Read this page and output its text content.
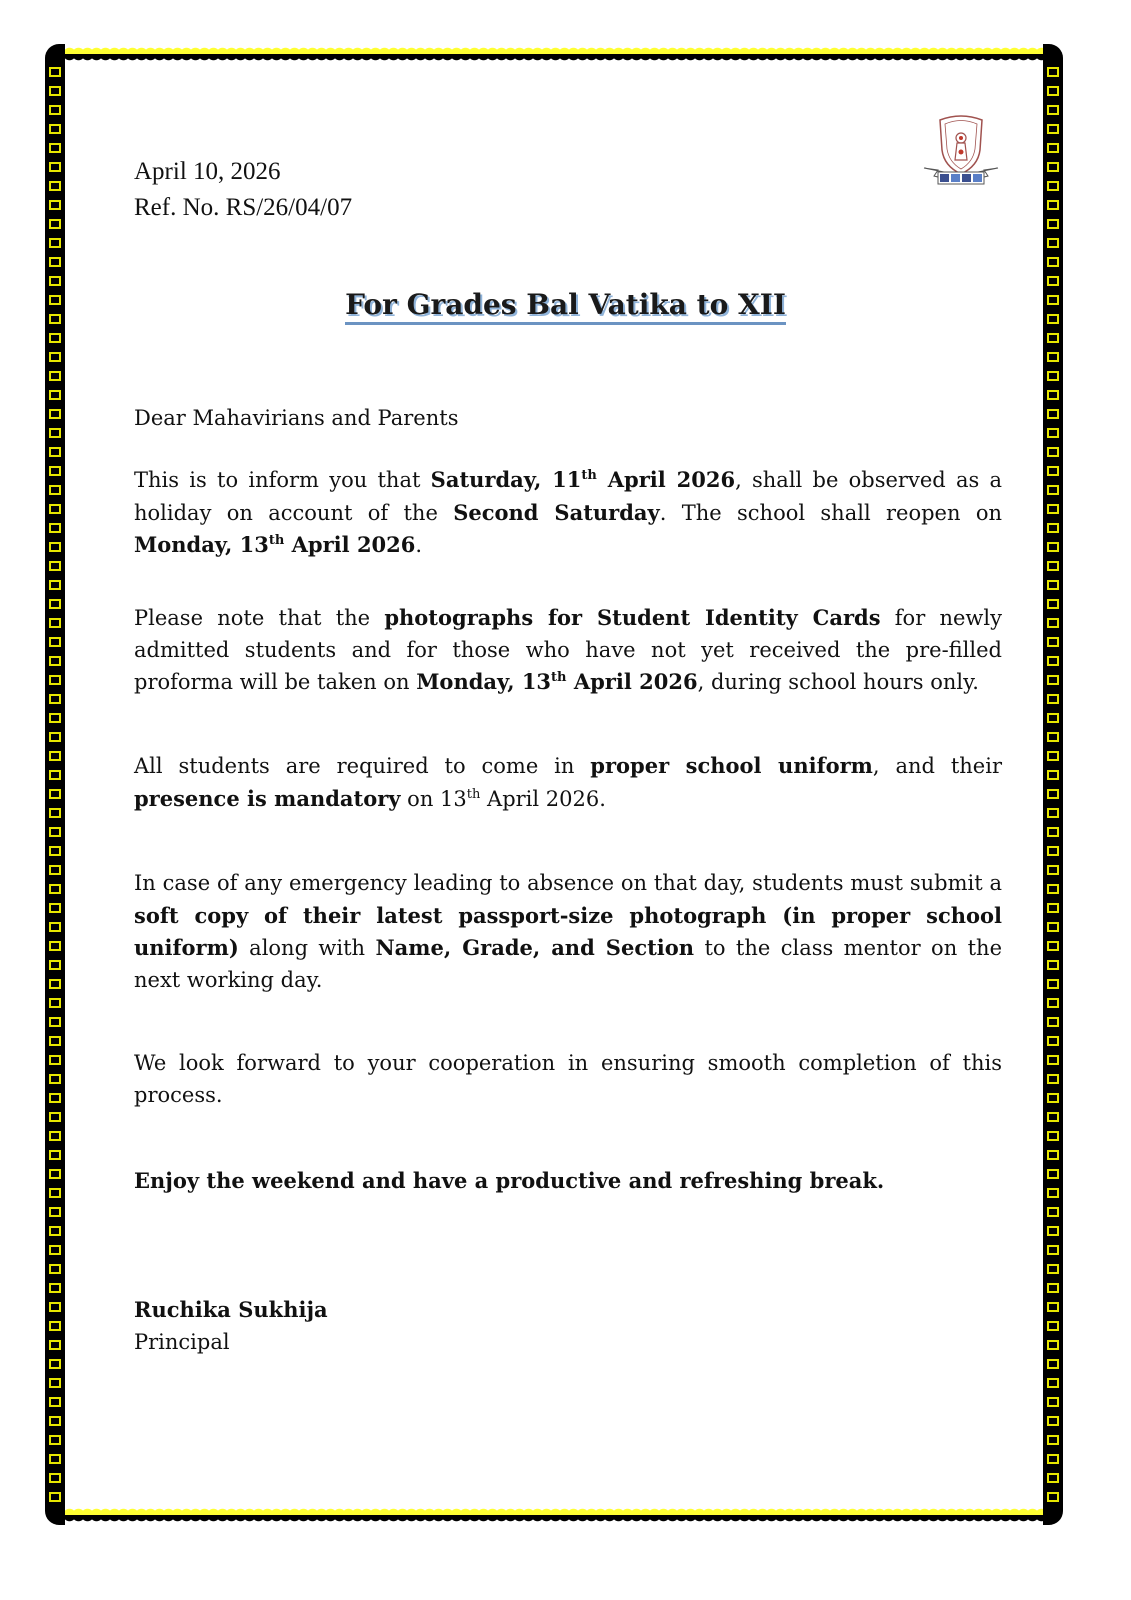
April 10, 2026
Ref. No. RS/26/04/07
For Grades Bal Vatika to XII
Dear Mahavirians and Parents
This is to inform you that Saturday, 11th April 2026, shall be observed as a holiday on account of the Second Saturday. The school shall reopen on Monday, 13th April 2026.
Please note that the photographs for Student Identity Cards for newly admitted students and for those who have not yet received the pre-filled proforma will be taken on Monday, 13th April 2026, during school hours only.
All students are required to come in proper school uniform, and their presence is mandatory on 13th April 2026.
In case of any emergency leading to absence on that day, students must submit a soft copy of their latest passport-size photograph (in proper school uniform) along with Name, Grade, and Section to the class mentor on the next working day.
We look forward to your cooperation in ensuring smooth completion of this process.
Enjoy the weekend and have a productive and refreshing break.
Ruchika Sukhija
Principal
